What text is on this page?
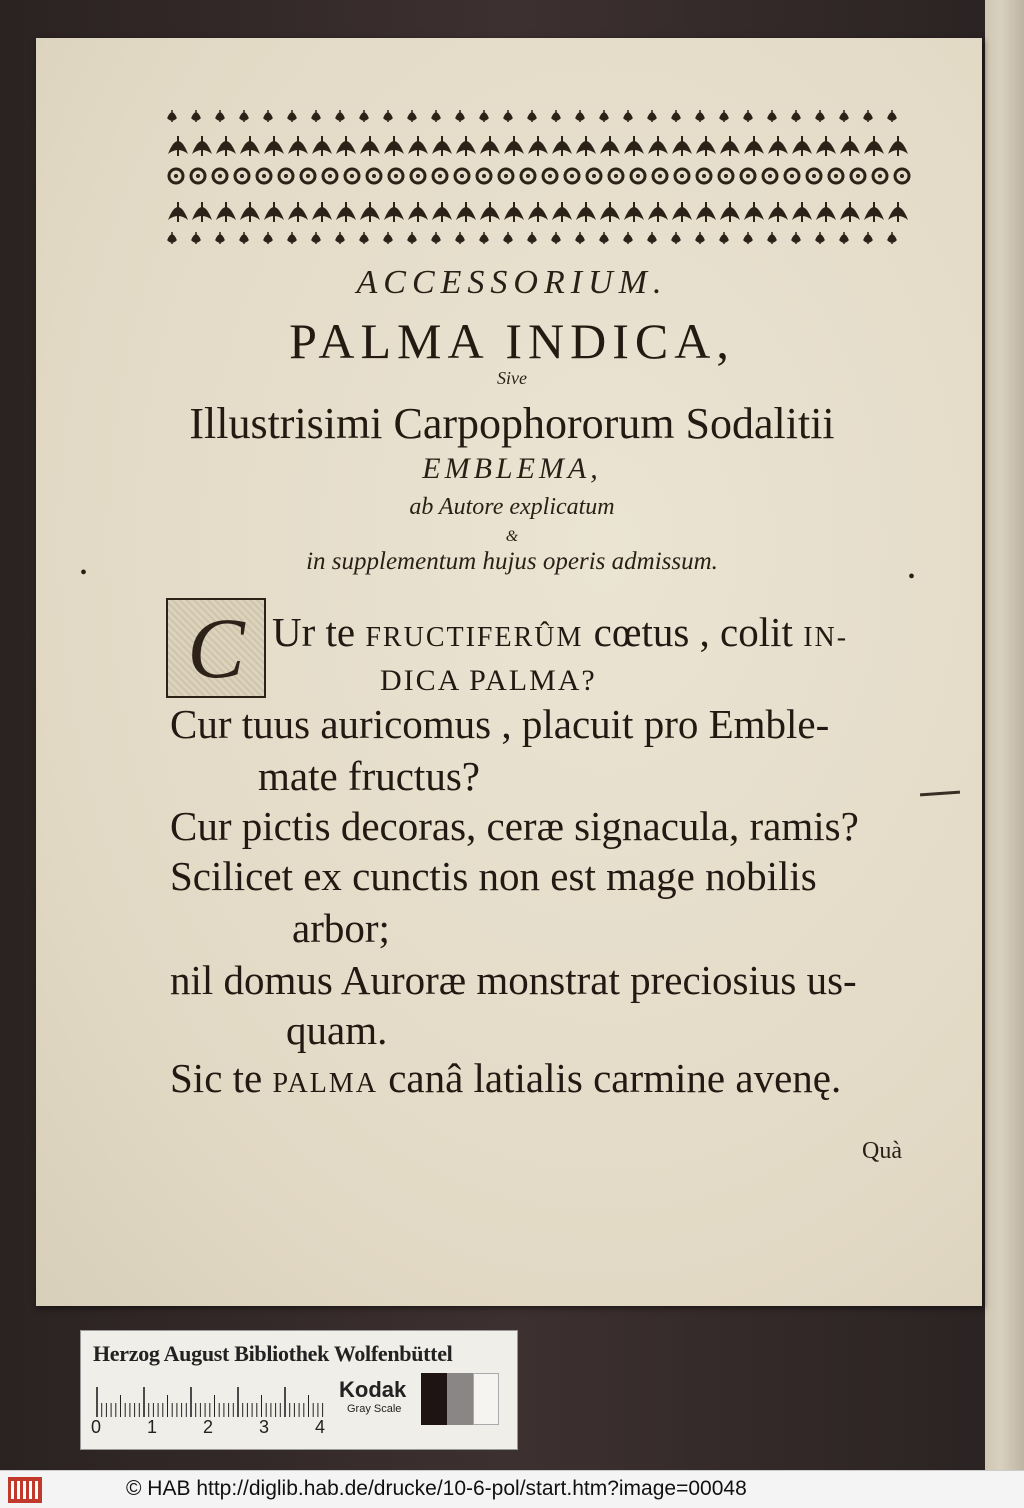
ACCESSORIUM.
PALMA INDICA,
Sive
Illustrisimi Carpophororum Sodalitii
EMBLEMA,
ab Autore explicatum
&
in supplementum hujus operis admissum.
•	•
C Ur te FRUCTIFERÛM cœtus , colit IN-
DICA PALMA?
Cur tuus auricomus , placuit pro Emble-
mate fructus?
Cur pictis decoras, ceræ signacula, ramis?
Scilicet ex cunctis non est mage nobilis
arbor;
nil domus Auroræ monstrat preciosius us-
quam.
Sic te PALMA canâ latialis carmine avenę.
Quà
Herzog August Bibliothek Wolfenbüttel
0	1	2	3	4
Kodak
Gray Scale
© HAB http://diglib.hab.de/drucke/10-6-pol/start.htm?image=00048
